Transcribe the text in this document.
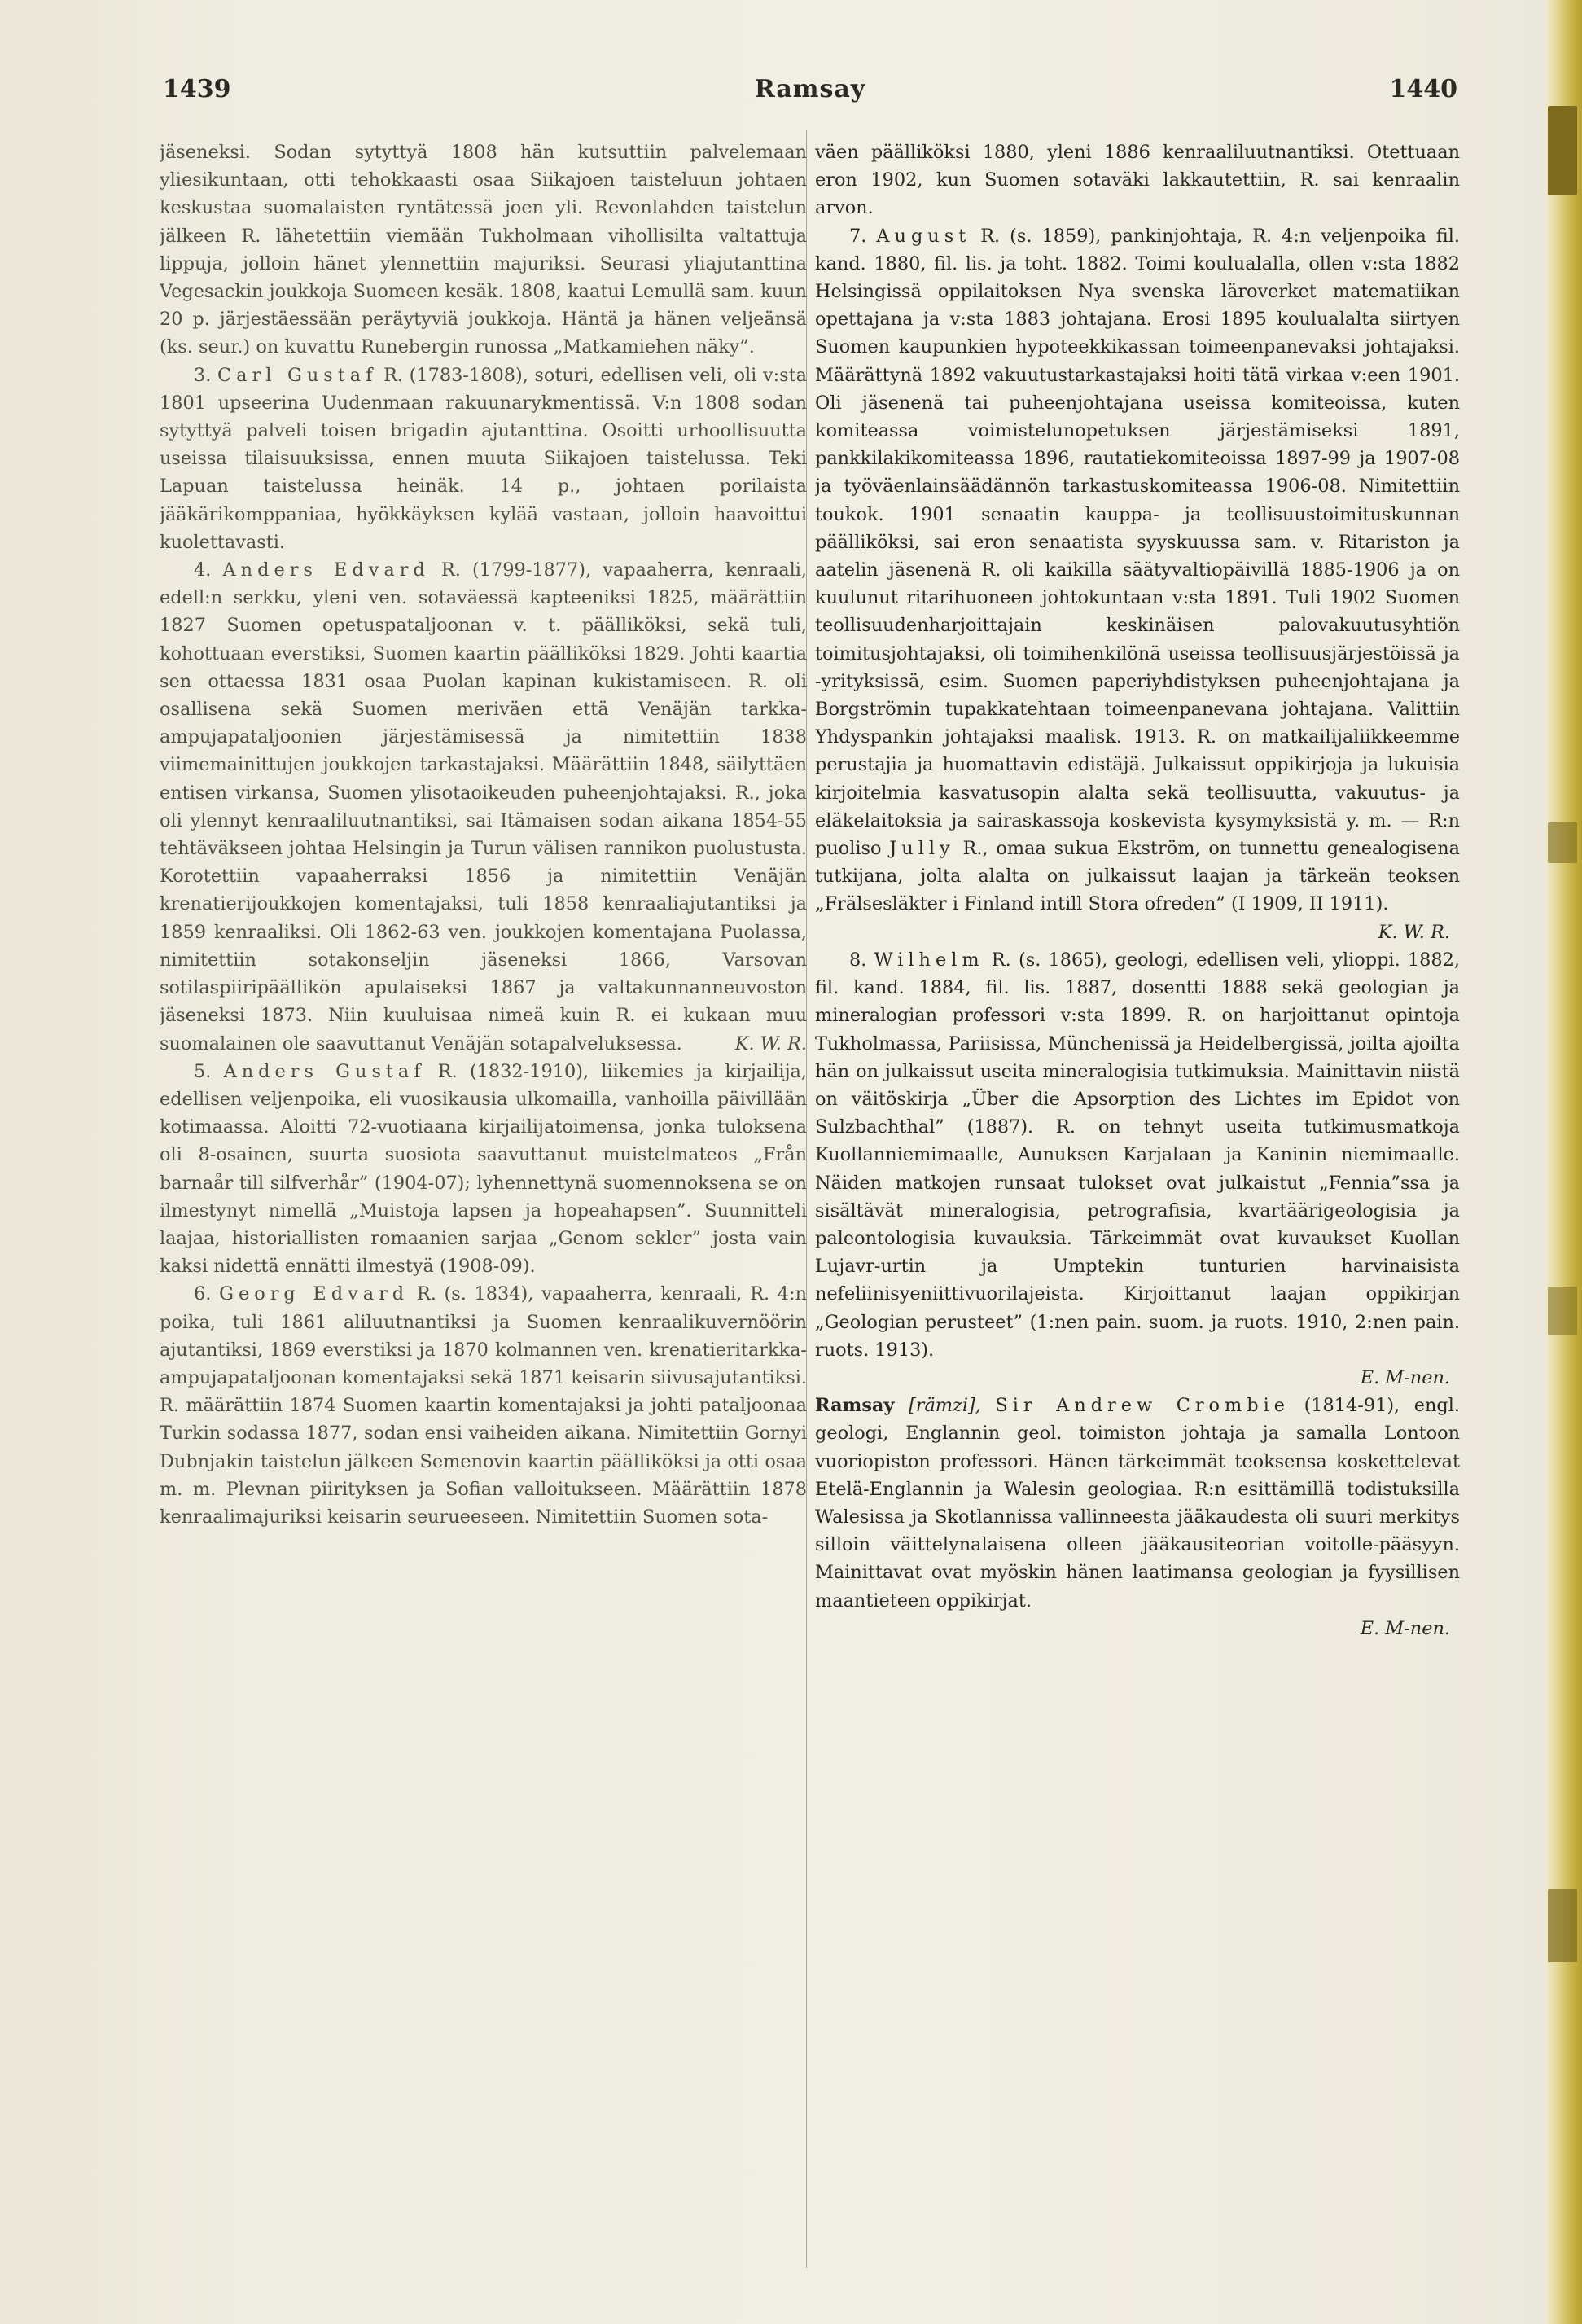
1439	Ramsay	1440

jäseneksi. Sodan sytyttyä 1808 hän kutsuttiin palvelemaan yliesikuntaan, otti tehokkaasti osaa Siikajoen taisteluun johtaen keskustaa suomalaisten ryntätessä joen yli. Revonlahden taistelun jälkeen R. lähetettiin viemään Tukholmaan vihollisilta valtattuja lippuja, jolloin hänet ylennettiin majuriksi. Seurasi yliajutanttina Vegesackin joukkoja Suomeen kesäk. 1808, kaatui Lemullä sam. kuun 20 p. järjestäessään peräytyviä joukkoja. Häntä ja hänen veljeänsä (ks. seur.) on kuvattu Runebergin runossa „Matkamiehen näky”.

3. Carl Gustaf R. (1783-1808), soturi, edellisen veli, oli v:sta 1801 upseerina Uudenmaan rakuunarykmentissä. V:n 1808 sodan sytyttyä palveli toisen brigadin ajutanttina. Osoitti urhoollisuutta useissa tilaisuuksissa, ennen muuta Siikajoen taistelussa. Teki Lapuan taistelussa heinäk. 14 p., johtaen porilaista jääkärikomppaniaa, hyökkäyksen kylää vastaan, jolloin haavoittui kuolettavasti.

4. Anders Edvard R. (1799-1877), vapaaherra, kenraali, edell:n serkku, yleni ven. sotaväessä kapteeniksi 1825, määrättiin 1827 Suomen opetuspataljoonan v. t. päälliköksi, sekä tuli, kohottuaan everstiksi, Suomen kaartin päälliköksi 1829. Johti kaartia sen ottaessa 1831 osaa Puolan kapinan kukistamiseen. R. oli osallisena sekä Suomen meriväen että Venäjän tarkka-ampujapataljoonien järjestämisessä ja nimitettiin 1838 viimemainittujen joukkojen tarkastajaksi. Määrättiin 1848, säilyttäen entisen virkansa, Suomen ylisotaoikeuden puheenjohtajaksi. R., joka oli ylennyt kenraaliluutnantiksi, sai Itämaisen sodan aikana 1854-55 tehtäväkseen johtaa Helsingin ja Turun välisen rannikon puolustusta. Korotettiin vapaaherraksi 1856 ja nimitettiin Venäjän krenatierijoukkojen komentajaksi, tuli 1858 kenraaliajutantiksi ja 1859 kenraaliksi. Oli 1862-63 ven. joukkojen komentajana Puolassa, nimitettiin sotakonseljin jäseneksi 1866, Varsovan sotilaspiiripäällikön apulaiseksi 1867 ja valtakunnanneuvoston jäseneksi 1873. Niin kuuluisaa nimeä kuin R. ei kukaan muu suomalainen ole saavuttanut Venäjän sotapalveluksessa.	K. W. R.

5. Anders Gustaf R. (1832-1910), liikemies ja kirjailija, edellisen veljenpoika, eli vuosikausia ulkomailla, vanhoilla päivillään kotimaassa. Aloitti 72-vuotiaana kirjailijatoimensa, jonka tuloksena oli 8-osainen, suurta suosiota saavuttanut muistelmateos „Från barnaår till silfverhår” (1904-07); lyhennettynä suomennoksena se on ilmestynyt nimellä „Muistoja lapsen ja hopeahapsen”. Suunnitteli laajaa, historiallisten romaanien sarjaa „Genom sekler” josta vain kaksi nidettä ennätti ilmestyä (1908-09).

6. Georg Edvard R. (s. 1834), vapaaherra, kenraali, R. 4:n poika, tuli 1861 aliluutnantiksi ja Suomen kenraalikuvernöörin ajutantiksi, 1869 everstiksi ja 1870 kolmannen ven. krenatieritarkka-ampujapataljoonan komentajaksi sekä 1871 keisarin siivusajutantiksi. R. määrättiin 1874 Suomen kaartin komentajaksi ja johti pataljoonaa Turkin sodassa 1877, sodan ensi vaiheiden aikana. Nimitettiin Gornyi Dubnjakin taistelun jälkeen Semenovin kaartin päälliköksi ja otti osaa m. m. Plevnan piirityksen ja Sofian valloitukseen. Määrättiin 1878 kenraalimajuriksi keisarin seurueeseen. Nimitettiin Suomen sota-

väen päälliköksi 1880, yleni 1886 kenraaliluutnantiksi. Otettuaan eron 1902, kun Suomen sotaväki lakkautettiin, R. sai kenraalin arvon.

7. August R. (s. 1859), pankinjohtaja, R. 4:n veljenpoika fil. kand. 1880, fil. lis. ja toht. 1882. Toimi koulualalla, ollen v:sta 1882 Helsingissä oppilaitoksen Nya svenska läroverket matematiikan opettajana ja v:sta 1883 johtajana. Erosi 1895 koulualalta siirtyen Suomen kaupunkien hypoteekkikassan toimeenpanevaksi johtajaksi. Määrättynä 1892 vakuutustarkastajaksi hoiti tätä virkaa v:een 1901. Oli jäsenenä tai puheenjohtajana useissa komiteoissa, kuten komiteassa voimistelunopetuksen järjestämiseksi 1891, pankkilakikomiteassa 1896, rautatiekomiteoissa 1897-99 ja 1907-08 ja työväenlainsäädännön tarkastuskomiteassa 1906-08. Nimitettiin toukok. 1901 senaatin kauppa- ja teollisuustoimituskunnan päälliköksi, sai eron senaatista syyskuussa sam. v. Ritariston ja aatelin jäsenenä R. oli kaikilla säätyvaltiopäivillä 1885-1906 ja on kuulunut ritarihuoneen johtokuntaan v:sta 1891. Tuli 1902 Suomen teollisuudenharjoittajain keskinäisen palovakuutusyhtiön toimitusjohtajaksi, oli toimihenkilönä useissa teollisuusjärjestöissä ja -yrityksissä, esim. Suomen paperiyhdistyksen puheenjohtajana ja Borgströmin tupakkatehtaan toimeenpanevana johtajana. Valittiin Yhdyspankin johtajaksi maalisk. 1913. R. on matkailijaliikkeemme perustajia ja huomattavin edistäjä. Julkaissut oppikirjoja ja lukuisia kirjoitelmia kasvatusopin alalta sekä teollisuutta, vakuutus- ja eläkelaitoksia ja sairaskassoja koskevista kysymyksistä y. m. — R:n puoliso Jully R., omaa sukua Ekström, on tunnettu genealogisena tutkijana, jolta alalta on julkaissut laajan ja tärkeän teoksen „Frälsesläkter i Finland intill Stora ofreden” (I 1909, II 1911).
K. W. R.

8. Wilhelm R. (s. 1865), geologi, edellisen veli, ylioppi. 1882, fil. kand. 1884, fil. lis. 1887, dosentti 1888 sekä geologian ja mineralogian professori v:sta 1899. R. on harjoittanut opintoja Tukholmassa, Pariisissa, Münchenissä ja Heidelbergissä, joilta ajoilta hän on julkaissut useita mineralogisia tutkimuksia. Mainittavin niistä on väitöskirja „Über die Apsorption des Lichtes im Epidot von Sulzbachthal” (1887). R. on tehnyt useita tutkimusmatkoja Kuollanniemimaalle, Aunuksen Karjalaan ja Kaninin niemimaalle. Näiden matkojen runsaat tulokset ovat julkaistut „Fennia”ssa ja sisältävät mineralogisia, petrografisia, kvartäärigeologisia ja paleontologisia kuvauksia. Tärkeimmät ovat kuvaukset Kuollan Lujavr-urtin ja Umptekin tunturien harvinaisista nefeliinisyeniittivuorilajeista. Kirjoittanut laajan oppikirjan „Geologian perusteet” (1:nen pain. suom. ja ruots. 1910, 2:nen pain. ruots. 1913).
E. M-nen.

Ramsay [rämzi], Sir Andrew Crombie (1814-91), engl. geologi, Englannin geol. toimiston johtaja ja samalla Lontoon vuoriopiston professori. Hänen tärkeimmät teoksensa koskettelevat Etelä-Englannin ja Walesin geologiaa. R:n esittämillä todistuksilla Walesissa ja Skotlannissa vallinneesta jääkaudesta oli suuri merkitys silloin väittelynalaisena olleen jääkausiteorian voitolle-pääsyyn. Mainittavat ovat myöskin hänen laatimansa geologian ja fyysillisen maantieteen oppikirjat.
E. M-nen.
